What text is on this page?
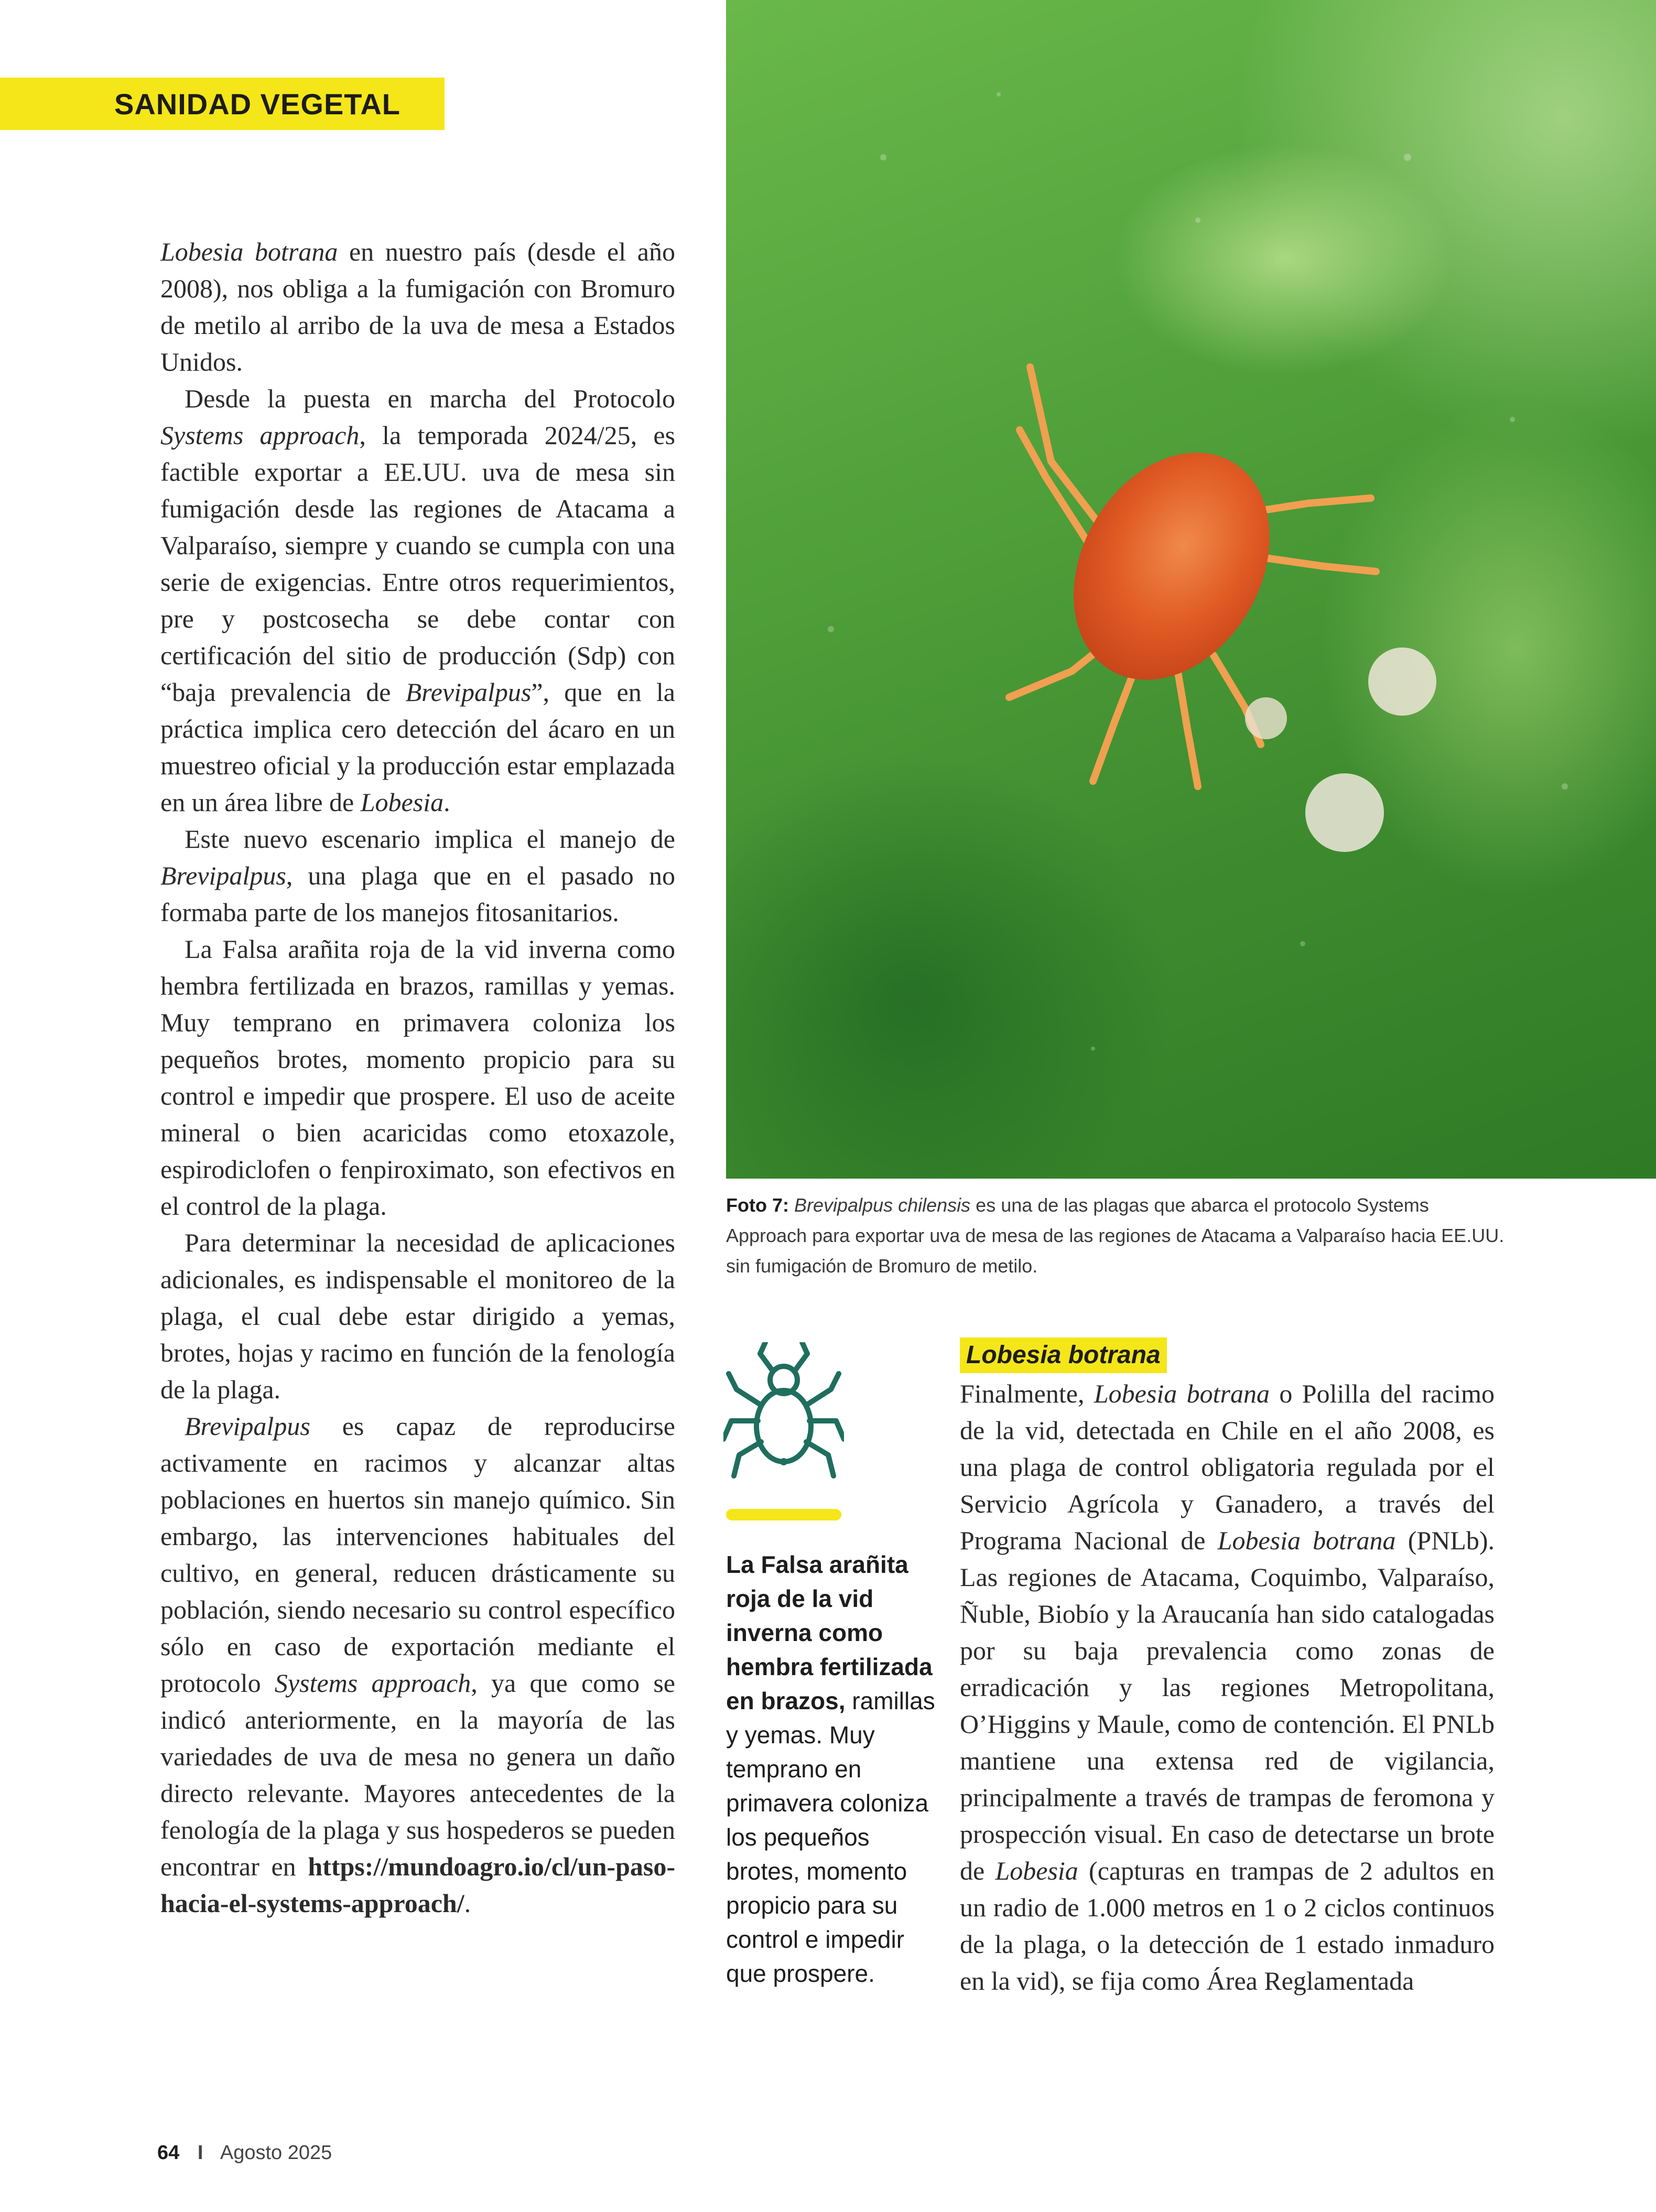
SANIDAD VEGETAL

Lobesia botrana en nuestro país (desde el año 2008), nos obliga a la fumigación con Bromuro de metilo al arribo de la uva de mesa a Estados Unidos.

Desde la puesta en marcha del Protocolo Systems approach, la temporada 2024/25, es factible exportar a EE.UU. uva de mesa sin fumigación desde las regiones de Atacama a Valparaíso, siempre y cuando se cumpla con una serie de exigencias. Entre otros requerimientos, pre y postcosecha se debe contar con certificación del sitio de producción (Sdp) con “baja prevalencia de Brevipalpus”, que en la práctica implica cero detección del ácaro en un muestreo oficial y la producción estar emplazada en un área libre de Lobesia.

Este nuevo escenario implica el manejo de Brevipalpus, una plaga que en el pasado no formaba parte de los manejos fitosanitarios.

La Falsa arañita roja de la vid inverna como hembra fertilizada en brazos, ramillas y yemas. Muy temprano en primavera coloniza los pequeños brotes, momento propicio para su control e impedir que prospere. El uso de aceite mineral o bien acaricidas como etoxazole, espirodiclofen o fenpiroximato, son efectivos en el control de la plaga.

Para determinar la necesidad de aplicaciones adicionales, es indispensable el monitoreo de la plaga, el cual debe estar dirigido a yemas, brotes, hojas y racimo en función de la fenología de la plaga.

Brevipalpus es capaz de reproducirse activamente en racimos y alcanzar altas poblaciones en huertos sin manejo químico. Sin embargo, las intervenciones habituales del cultivo, en general, reducen drásticamente su población, siendo necesario su control específico sólo en caso de exportación mediante el protocolo Systems approach, ya que como se indicó anteriormente, en la mayoría de las variedades de uva de mesa no genera un daño directo relevante. Mayores antecedentes de la fenología de la plaga y sus hospederos se pueden encontrar en https://mundoagro.io/cl/un-paso-hacia-el-systems-approach/.

Foto 7: Brevipalpus chilensis es una de las plagas que abarca el protocolo Systems Approach para exportar uva de mesa de las regiones de Atacama a Valparaíso hacia EE.UU. sin fumigación de Bromuro de metilo.
La Falsa arañita roja de la vid inverna como hembra fertilizada en brazos, ramillas y yemas. Muy temprano en primavera coloniza los pequeños brotes, momento propicio para su control e impedir que prospere.
Lobesia botrana

Finalmente, Lobesia botrana o Polilla del racimo de la vid, detectada en Chile en el año 2008, es una plaga de control obligatoria regulada por el Servicio Agrícola y Ganadero, a través del Programa Nacional de Lobesia botrana (PNLb). Las regiones de Atacama, Coquimbo, Valparaíso, Ñuble, Biobío y la Araucanía han sido catalogadas por su baja prevalencia como zonas de erradicación y las regiones Metropolitana, O’Higgins y Maule, como de contención. El PNLb mantiene una extensa red de vigilancia, principalmente a través de trampas de feromona y prospección visual. En caso de detectarse un brote de Lobesia (capturas en trampas de 2 adultos en un radio de 1.000 metros en 1 o 2 ciclos continuos de la plaga, o la detección de 1 estado inmaduro en la vid), se fija como Área Reglamentada

64 I Agosto 2025
